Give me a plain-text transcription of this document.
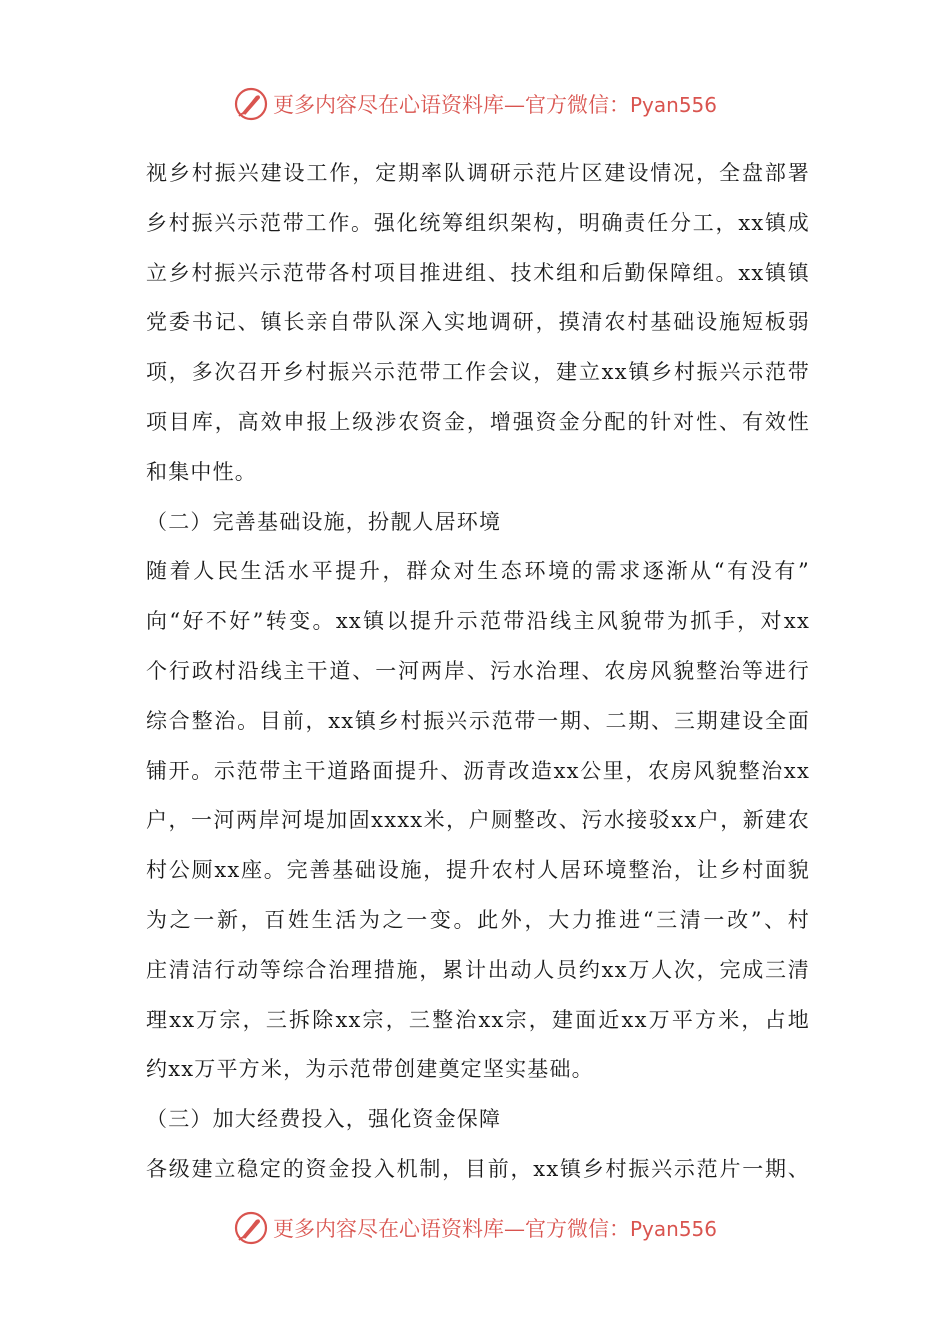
更多内容尽在心语资料库—官方微信：Pyan556
视乡村振兴建设工作，定期率队调研示范片区建设情况，全盘部署
乡村振兴示范带工作。强化统筹组织架构，明确责任分工，xx镇成
立乡村振兴示范带各村项目推进组、技术组和后勤保障组。xx镇镇
党委书记、镇长亲自带队深入实地调研，摸清农村基础设施短板弱
项，多次召开乡村振兴示范带工作会议，建立xx镇乡村振兴示范带
项目库，高效申报上级涉农资金，增强资金分配的针对性、有效性
和集中性。
（二）完善基础设施，扮靓人居环境
随着人民生活水平提升，群众对生态环境的需求逐渐从“有没有”
向“好不好”转变。xx镇以提升示范带沿线主风貌带为抓手，对xx
个行政村沿线主干道、一河两岸、污水治理、农房风貌整治等进行
综合整治。目前，xx镇乡村振兴示范带一期、二期、三期建设全面
铺开。示范带主干道路面提升、沥青改造xx公里，农房风貌整治xx
户，一河两岸河堤加固xxxx米，户厕整改、污水接驳xx户，新建农
村公厕xx座。完善基础设施，提升农村人居环境整治，让乡村面貌
为之一新，百姓生活为之一变。此外，大力推进“三清一改”、村
庄清洁行动等综合治理措施，累计出动人员约xx万人次，完成三清
理xx万宗，三拆除xx宗，三整治xx宗，建面近xx万平方米，占地
约xx万平方米，为示范带创建奠定坚实基础。
（三）加大经费投入，强化资金保障
各级建立稳定的资金投入机制，目前，xx镇乡村振兴示范片一期、
更多内容尽在心语资料库—官方微信：Pyan556
